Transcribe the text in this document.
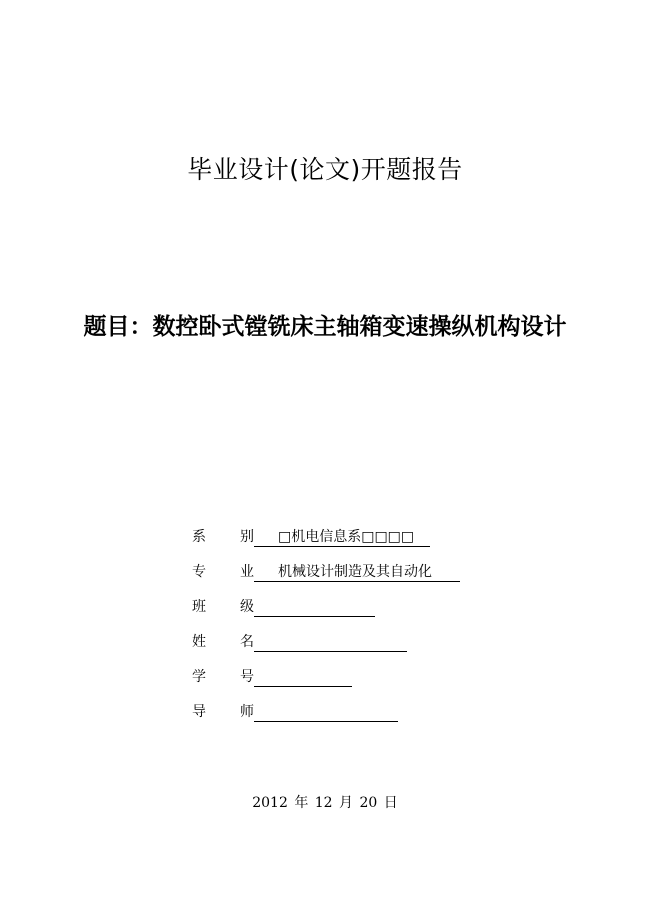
毕业设计(论文)开题报告
题目：数控卧式镗铣床主轴箱变速操纵机构设计
系 别	□机电信息系□□□□
专 业	机械设计制造及其自动化
班 级
姓 名
学 号
导 师
2012 年 12 月 20 日
